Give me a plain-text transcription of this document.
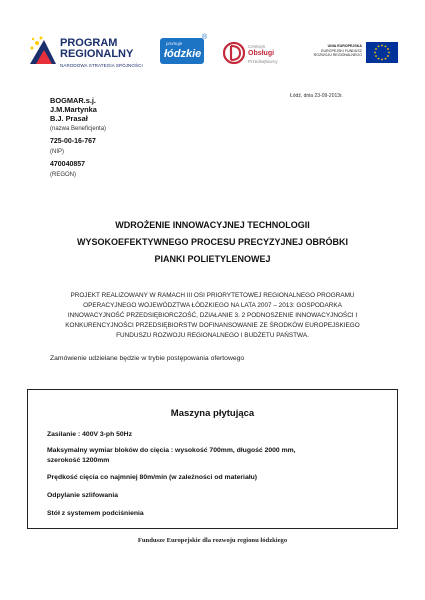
PROGRAM
REGIONALNY
NARODOWA STRATEGIA SPÓJNOŚCI
promuje
łódzkie
®
Centrum
Obsługi
Przedsiębiorcy
UNIA EUROPEJSKA
EUROPEJSKI FUNDUSZ
ROZWOJU REGIONALNEGO
Łódź, dnia 23-09-2013r.
BOGMAR.s.j.
J.M.Martynka
B.J. Prasał
(nazwa Beneficjenta)
725-00-16-767
(NIP)
470040857
(REGON)
WDROŻENIE INNOWACYJNEJ TECHNOLOGII
WYSOKOEFEKTYWNEGO PROCESU PRECYZYJNEJ OBRÓBKI
PIANKI POLIETYLENOWEJ
PROJEKT REALIZOWANY W RAMACH III OSI PRIORYTETOWEJ REGIONALNEGO PROGRAMU
OPERACYJNEGO WOJEWÓDZTWA ŁÓDZKIEGO NA LATA 2007 – 2013: GOSPODARKA
INNOWACYJNOŚĆ PRZEDSIĘBIORCZOŚĆ, DZIAŁANIE 3. 2 PODNOSZENIE INNOWACYJNOŚCI I
KONKURENCYJNOŚCI PRZEDSIĘBIORSTW DOFINANSOWANIE ZE ŚRODKÓW EUROPEJSKIEGO
FUNDUSZU ROZWOJU REGIONALNEGO I BUDŻETU PAŃSTWA.
Zamówienie udzielane będzie w trybie postępowania ofertowego
Maszyna płytująca
Zasilanie : 400V 3-ph 50Hz
Maksymalny wymiar bloków do cięcia : wysokość 700mm, długość 2000 mm,
szerokość 1200mm
Prędkość cięcia co najmniej 80m/min (w zależności od materiału)
Odpylanie szlifowania
Stół z systemem podciśnienia
Fundusze Europejskie dla rozwoju regionu łódzkiego
